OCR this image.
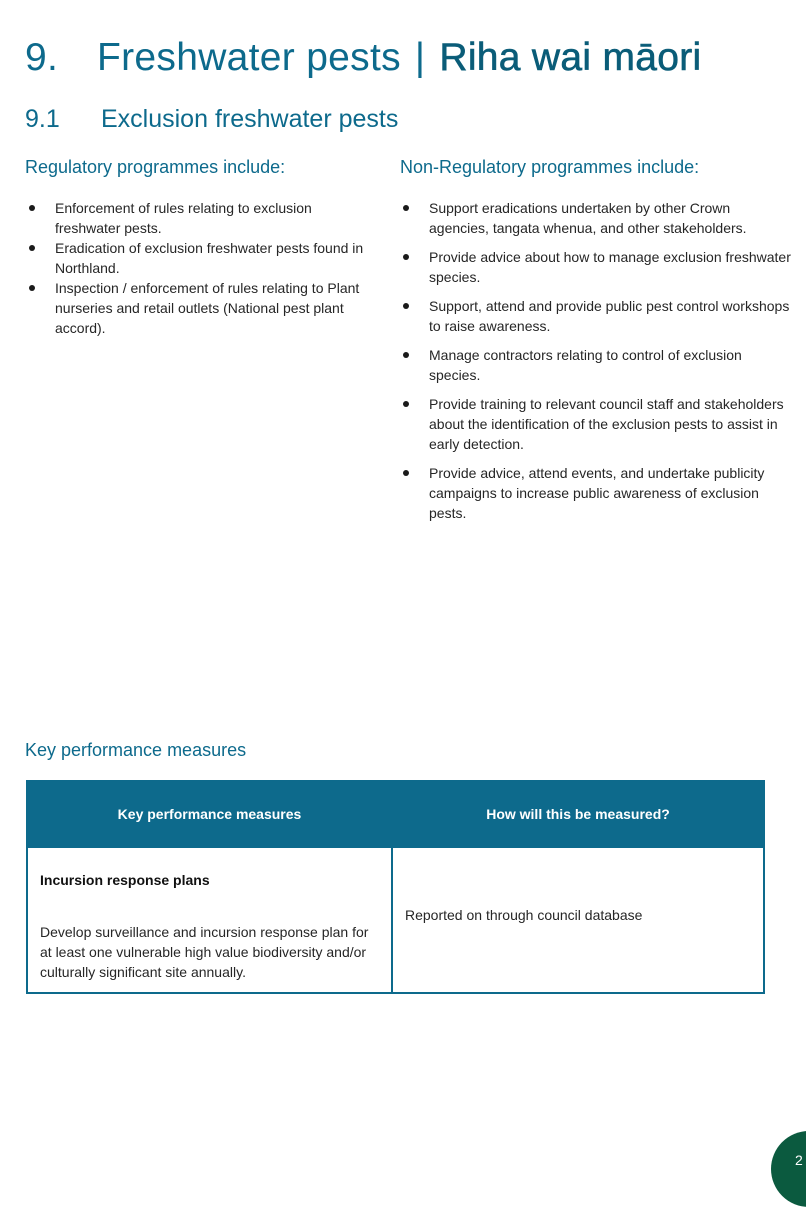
9. Freshwater pests | Riha wai māori
9.1 Exclusion freshwater pests
Regulatory programmes include:	Non-Regulatory programmes include:
Enforcement of rules relating to exclusion freshwater pests.
Eradication of exclusion freshwater pests found in Northland.
Inspection / enforcement of rules relating to Plant nurseries and retail outlets (National pest plant accord).
Support eradications undertaken by other Crown agencies, tangata whenua, and other stakeholders.
Provide advice about how to manage exclusion freshwater species.
Support, attend and provide public pest control workshops to raise awareness.
Manage contractors relating to control of exclusion species.
Provide training to relevant council staff and stakeholders about the identification of the exclusion pests to assist in early detection.
Provide advice, attend events, and undertake publicity campaigns to increase public awareness of exclusion pests.
Key performance measures
Key performance measures	How will this be measured?

Incursion response plans
Develop surveillance and incursion response plan for at least one vulnerable high value biodiversity and/or culturally significant site annually.	Reported on through council database
2
